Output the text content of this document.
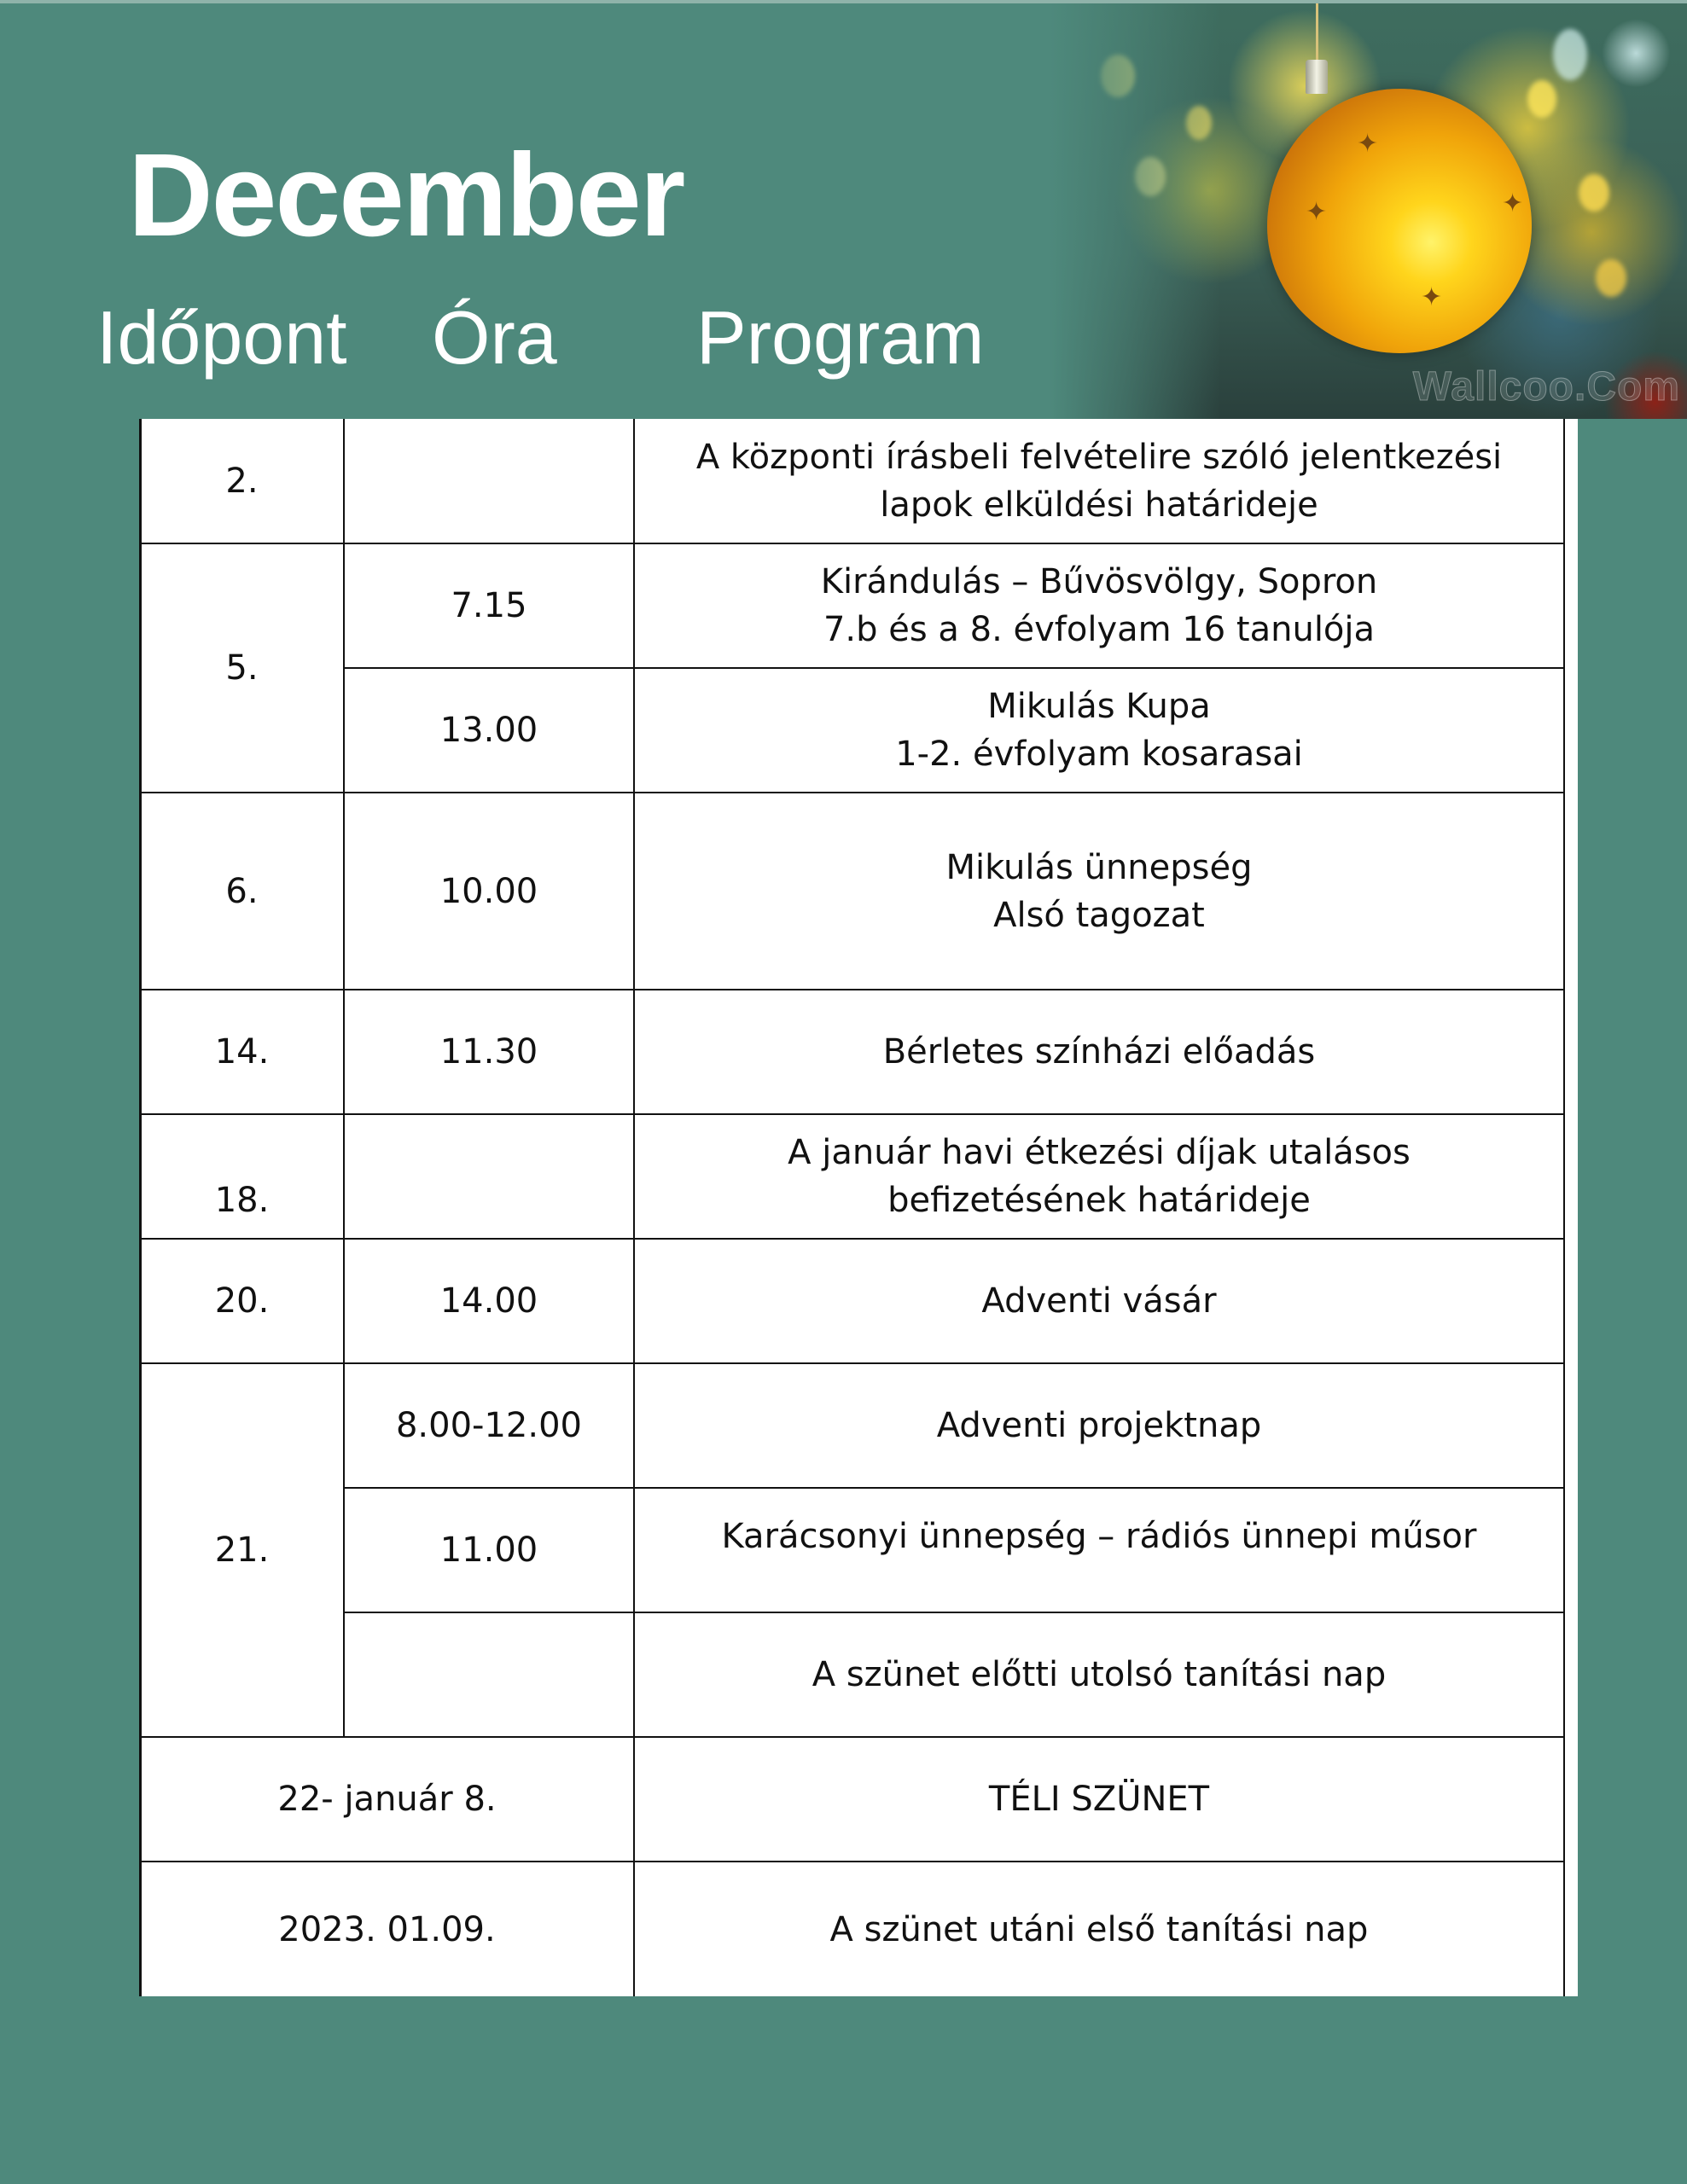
✦
✦	✦
✦
Wallcoo.Com
December
Időpont Óra Program
2.		A központi írásbeli felvételire szóló jelentkezési
lapok elküldési határideje

5.	7.15	Kirándulás – Bűvösvölgy, Sopron
7.b és a 8. évfolyam 16 tanulója

	13.00	Mikulás Kupa
1-2. évfolyam kosarasai

6.	10.00	Mikulás ünnepség
Alsó tagozat

14.	11.30	Bérletes színházi előadás

18.		A január havi étkezési díjak utalásos
befizetésének határideje

20.	14.00	Adventi vásár

21.	8.00-12.00	Adventi projektnap

	11.00	Karácsonyi ünnepség – rádiós ünnepi műsor

		A szünet előtti utolsó tanítási nap

22- január 8.		TÉLI SZÜNET

2023. 01.09.		A szünet utáni első tanítási nap
